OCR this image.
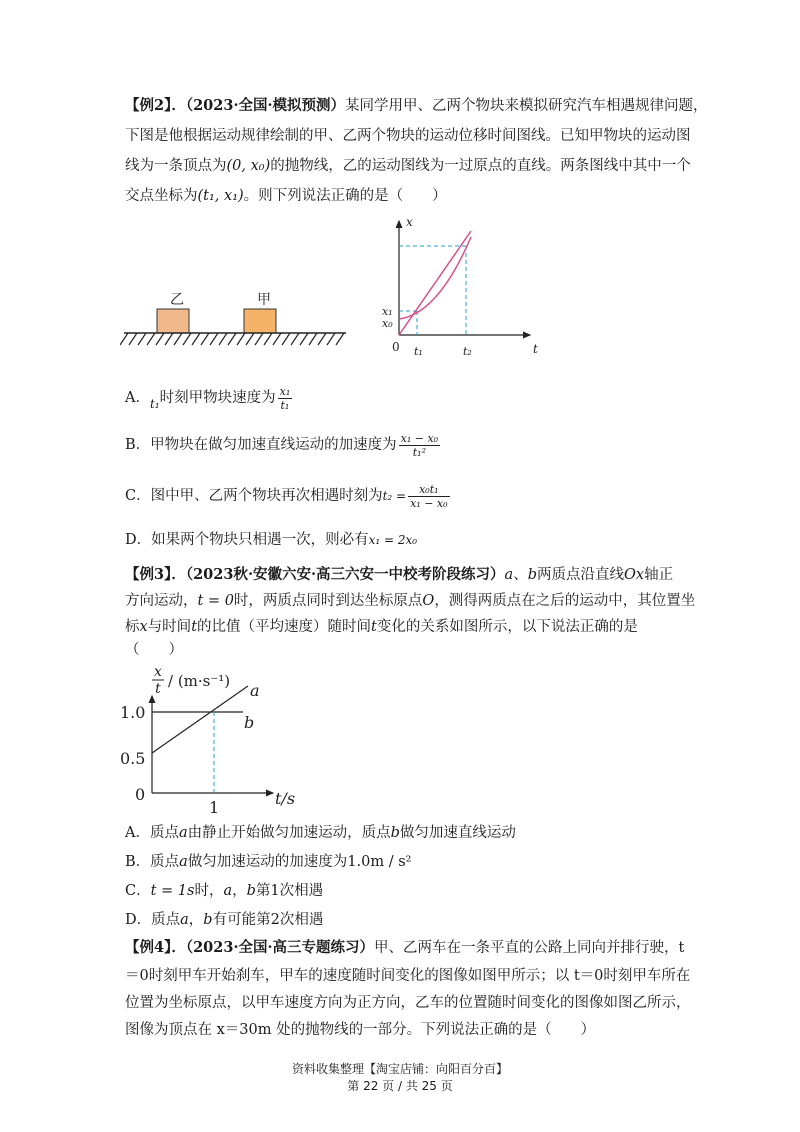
【例2】．（2023·全国·模拟预测）某同学用甲、乙两个物块来模拟研究汽车相遇规律问题，
下图是他根据运动规律绘制的甲、乙两个物块的运动位移时间图线。已知甲物块的运动图
线为一条顶点为(0, x₀)的抛物线，乙的运动图线为一过原点的直线。两条图线中其中一个
交点坐标为(t₁, x₁)。则下列说法正确的是（　　）
乙	甲
x
t
0
x₁
x₀
t₁	t₂
A．$_{t_1}$时刻甲物块速度为 $\frac{\text{x₁}}{\text{t₁}}$
B．甲物块在做匀加速直线运动的加速度为 $\frac{\text{x₁ − x₀}}{\text{t₁²}}$
C．图中甲、乙两个物块再次相遇时刻为$t_2 = \frac{\text{x₀t₁}}{\text{x₁ − x₀}}$
D．如果两个物块只相遇一次，则必有x₁ = 2x₀
【例3】．（2023秋·安徽六安·高三六安一中校考阶段练习）a、b两质点沿直线Ox轴正
方向运动，t = 0时，两质点同时到达坐标原点O，测得两质点在之后的运动中，其位置坐
标x与时间t的比值（平均速度）随时间t变化的关系如图所示，以下说法正确的是
（　　）
x
t / (m·s⁻¹)
1.0
0.5
0
1	t/s
a
b
A．质点a由静止开始做匀加速运动，质点b做匀加速直线运动
B．质点a做匀加速运动的加速度为1.0m / s²
C．t = 1s时，a，b第1次相遇
D．质点a，b有可能第2次相遇
【例4】．（2023·全国·高三专题练习）甲、乙两车在一条平直的公路上同向并排行驶，t
＝0时刻甲车开始刹车，甲车的速度随时间变化的图像如图甲所示；以 t＝0时刻甲车所在
位置为坐标原点，以甲车速度方向为正方向，乙车的位置随时间变化的图像如图乙所示，
图像为顶点在 x＝30m 处的抛物线的一部分。下列说法正确的是（　　）
资料收集整理【淘宝店铺：向阳百分百】
第 22 页 / 共 25 页
